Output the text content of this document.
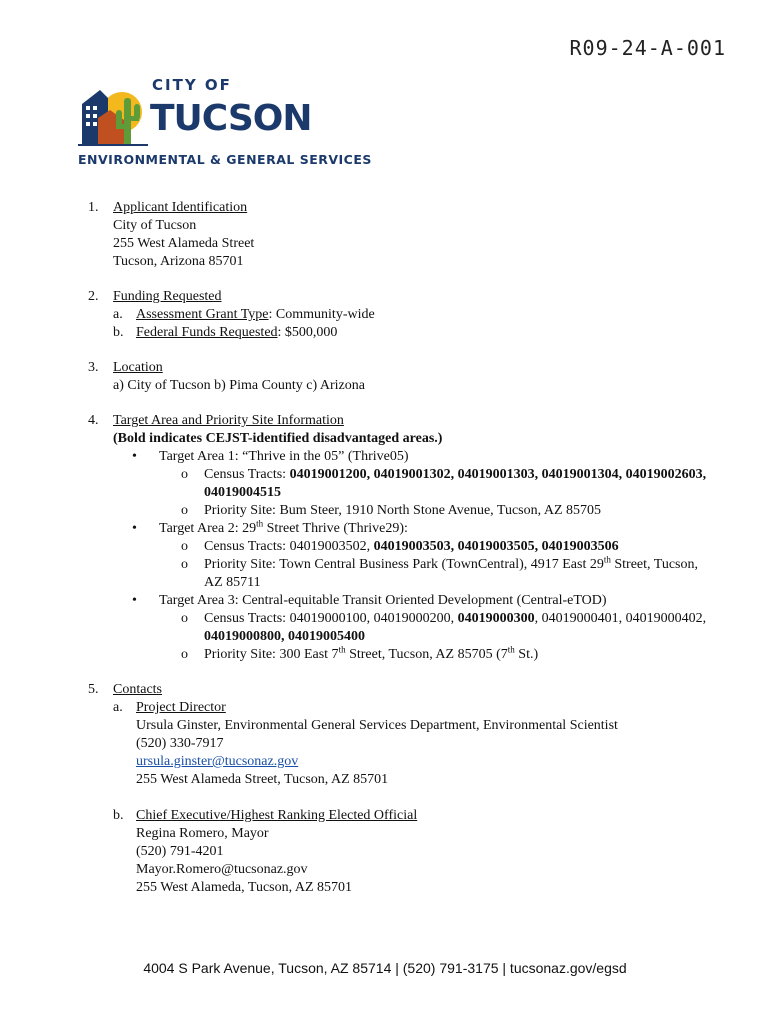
R09-24-A-001
CITY OF
TUCSON
ENVIRONMENTAL & GENERAL SERVICES
1. Applicant Identification
City of Tucson
255 West Alameda Street
Tucson, Arizona 85701
2. Funding Requested
a. Assessment Grant Type: Community-wide
b. Federal Funds Requested: $500,000
3. Location
a) City of Tucson b) Pima County c) Arizona
4. Target Area and Priority Site Information
(Bold indicates CEJST-identified disadvantaged areas.)
• Target Area 1: “Thrive in the 05” (Thrive05)
o Census Tracts: 04019001200, 04019001302, 04019001303, 04019001304, 04019002603, 04019004515
o Priority Site: Bum Steer, 1910 North Stone Avenue, Tucson, AZ 85705
• Target Area 2: 29th Street Thrive (Thrive29):
o Census Tracts: 04019003502, 04019003503, 04019003505, 04019003506
o Priority Site: Town Central Business Park (TownCentral), 4917 East 29th Street, Tucson, AZ 85711
• Target Area 3: Central-equitable Transit Oriented Development (Central-eTOD)
o Census Tracts: 04019000100, 04019000200, 04019000300, 04019000401, 04019000402, 04019000800, 04019005400
o Priority Site: 300 East 7th Street, Tucson, AZ 85705 (7th St.)
5. Contacts
a. Project Director
Ursula Ginster, Environmental General Services Department, Environmental Scientist
(520) 330-7917
ursula.ginster@tucsonaz.gov
255 West Alameda Street, Tucson, AZ 85701
b. Chief Executive/Highest Ranking Elected Official
Regina Romero, Mayor
(520) 791-4201
Mayor.Romero@tucsonaz.gov
255 West Alameda, Tucson, AZ 85701
4004 S Park Avenue, Tucson, AZ 85714 | (520) 791-3175 | tucsonaz.gov/egsd
